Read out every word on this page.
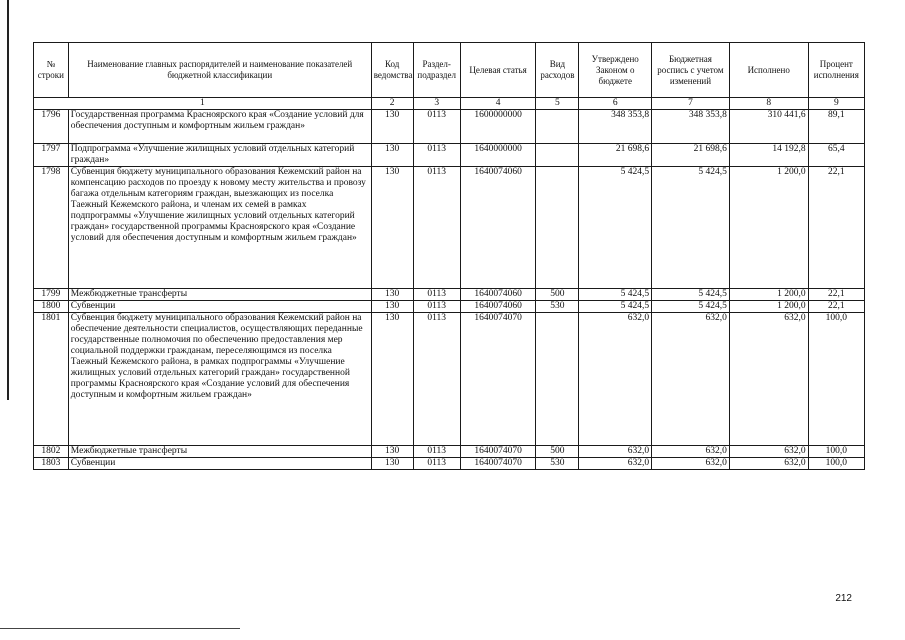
№ строки	Наименование главных распорядителей и наименование показателей бюджетной классификации	Код ведомства	Раздел-подраздел	Целевая статья	Вид расходов	Утверждено Законом о бюджете	Бюджетная роспись с учетом изменений	Исполнено	Процент исполнения
1		2	3	4	5	6	7	8	9
1796	Государственная программа Красноярского края «Создание условий для обеспечения доступным и комфортным жильем граждан»	130	0113	1600000000		348 353,8	348 353,8	310 441,6	89,1
1797	Подпрограмма «Улучшение жилищных условий отдельных категорий граждан»	130	0113	1640000000		21 698,6	21 698,6	14 192,8	65,4
1798	Субвенция бюджету муниципального образования Кежемский район на компенсацию расходов по проезду к новому месту жительства и провозу багажа отдельным категориям граждан, выезжающих из поселка Таежный Кежемского района, и членам их семей в рамках подпрограммы «Улучшение жилищных условий отдельных категорий граждан» государственной программы Красноярского края «Создание условий для обеспечения доступным и комфортным жильем граждан»	130	0113	1640074060		5 424,5	5 424,5	1 200,0	22,1
1799	Межбюджетные трансферты	130	0113	1640074060	500	5 424,5	5 424,5	1 200,0	22,1
1800	Субвенции	130	0113	1640074060	530	5 424,5	5 424,5	1 200,0	22,1
1801	Субвенция бюджету муниципального образования Кежемский район на обеспечение деятельности специалистов, осуществляющих переданные государственные полномочия по обеспечению предоставления мер социальной поддержки гражданам, переселяющимся из поселка Таежный Кежемского района, в рамках подпрограммы «Улучшение жилищных условий отдельных категорий граждан» государственной программы Красноярского края «Создание условий для обеспечения доступным и комфортным жильем граждан»	130	0113	1640074070		632,0	632,0	632,0	100,0
1802	Межбюджетные трансферты	130	0113	1640074070	500	632,0	632,0	632,0	100,0
1803	Субвенции	130	0113	1640074070	530	632,0	632,0	632,0	100,0
212
